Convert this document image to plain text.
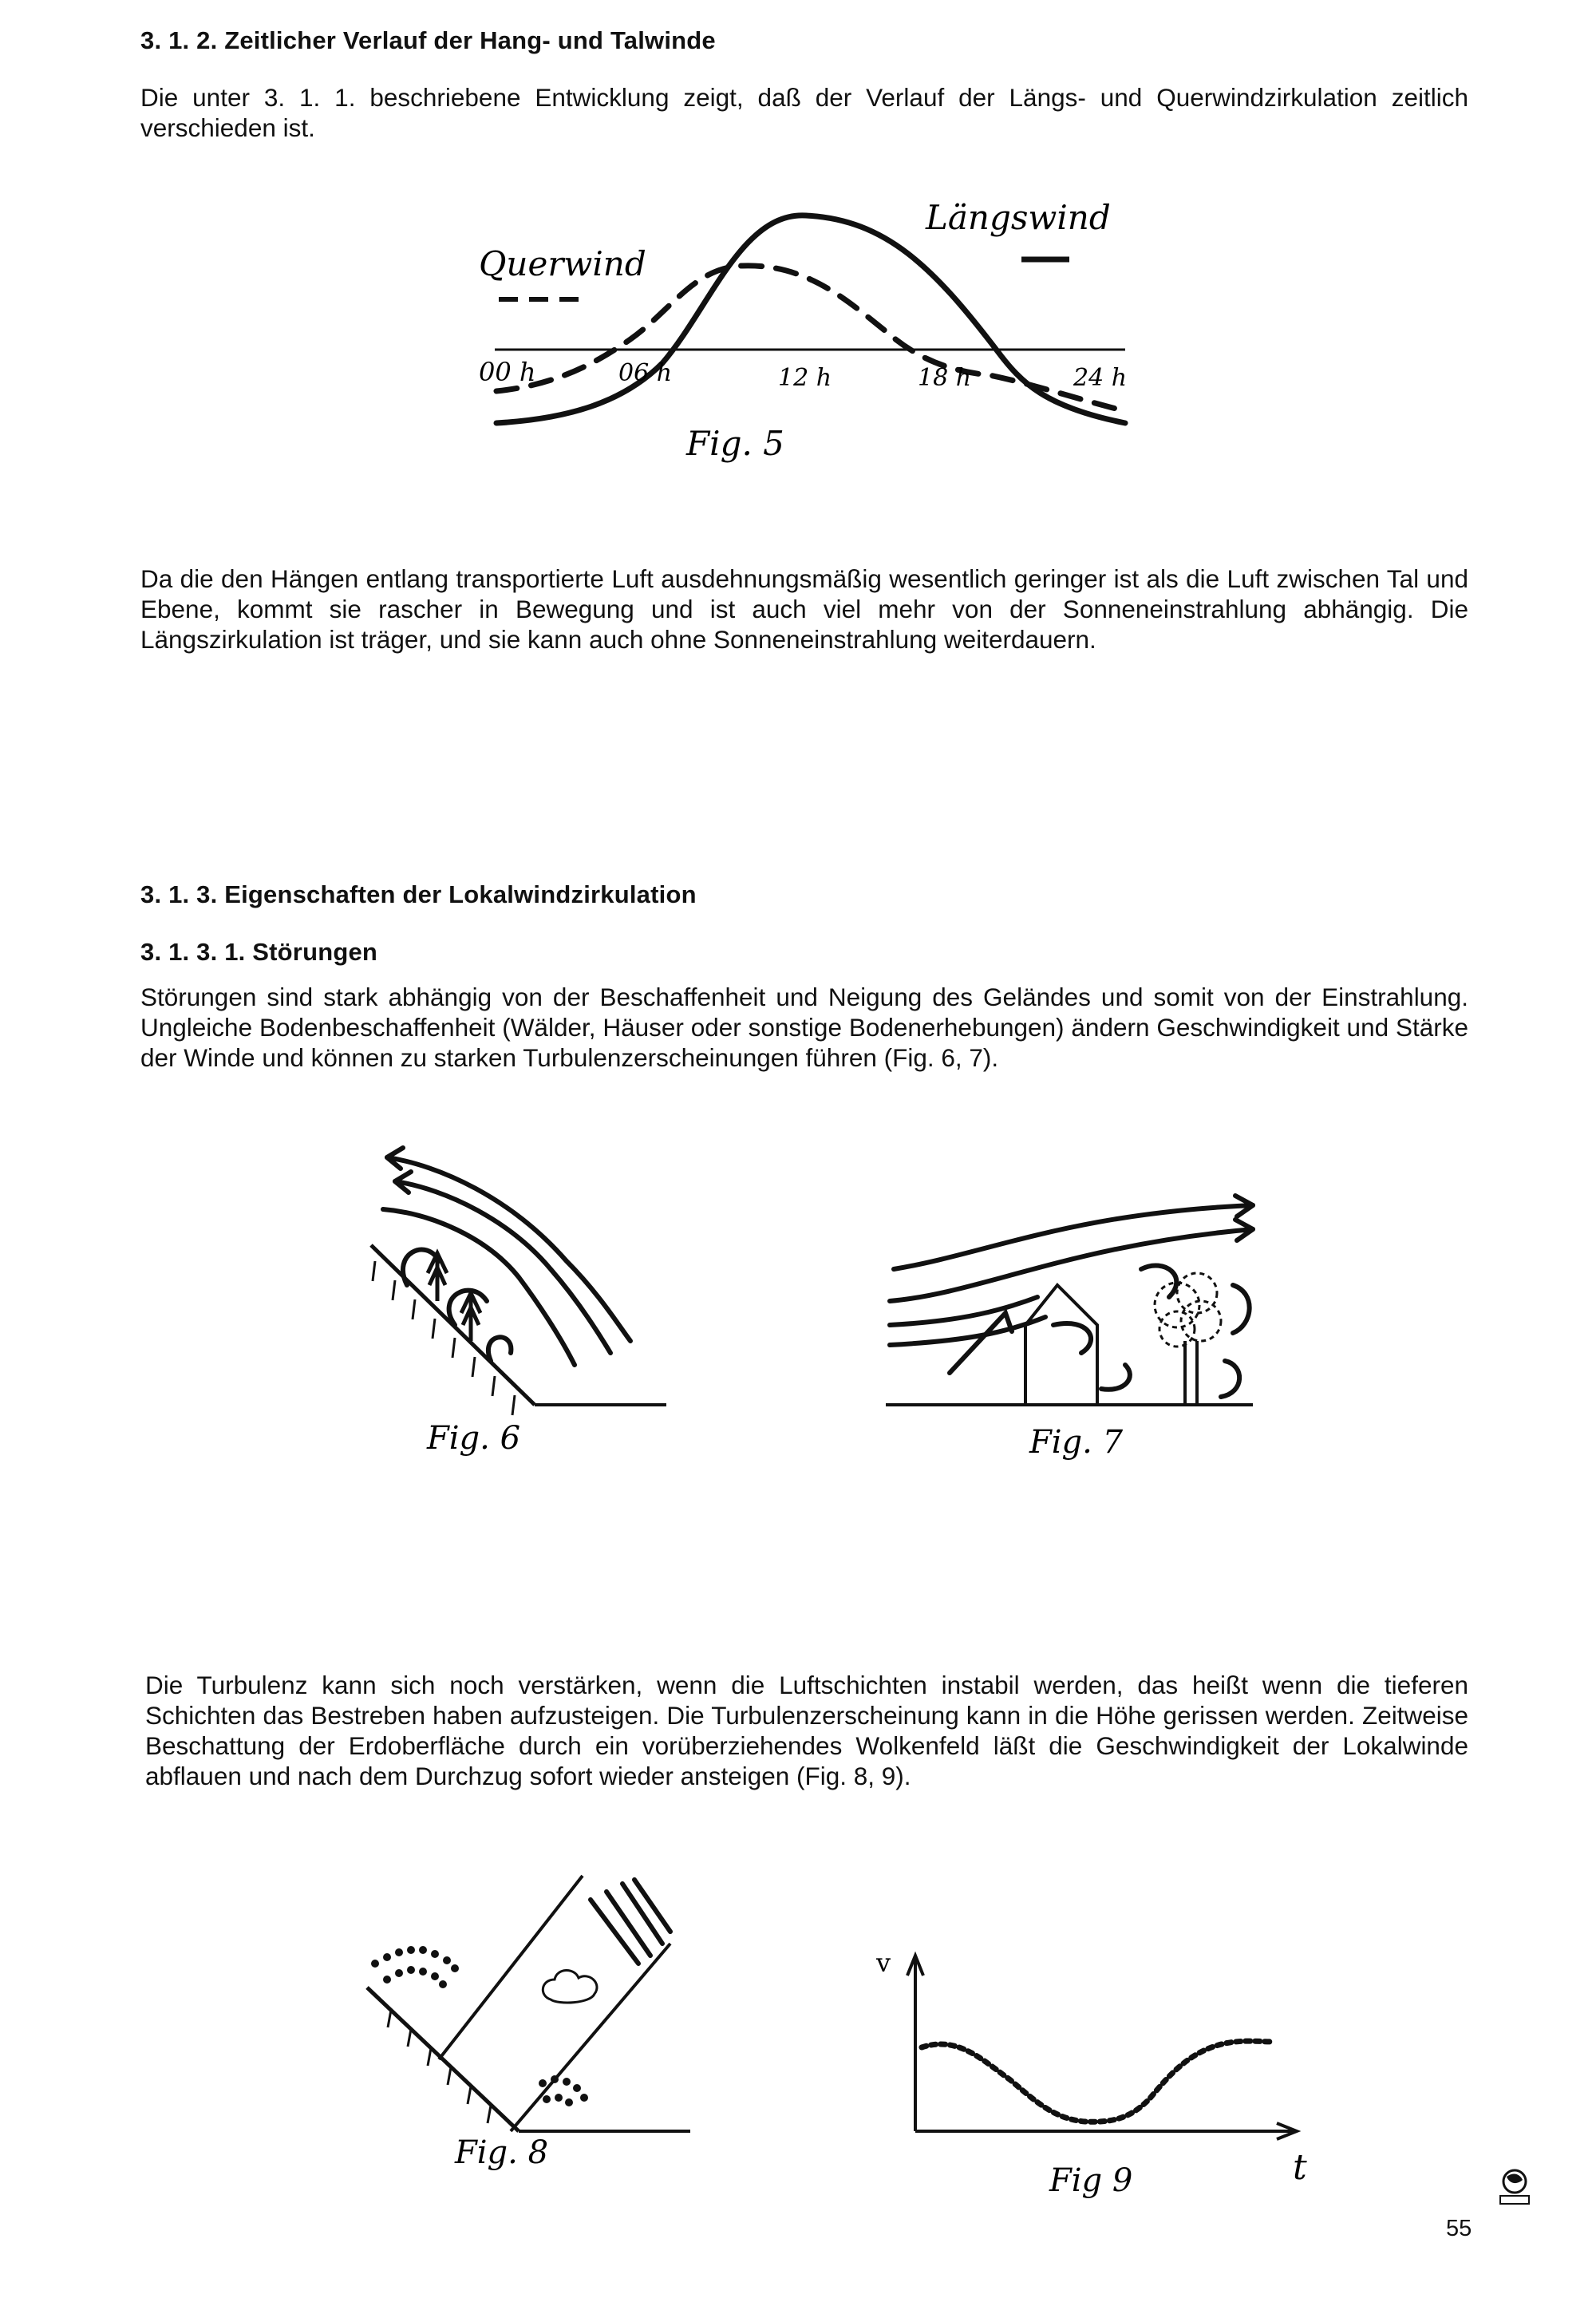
3. 1. 2. Zeitlicher Verlauf der Hang- und Talwinde

Die unter 3. 1. 1. beschriebene Entwicklung zeigt, daß der Verlauf der Längs- und Querwindzirkulation zeitlich verschieden ist.

Querwind
Längswind
00 h	06 h	12 h	18 h	24 h
Fig. 5

Da die den Hängen entlang transportierte Luft ausdehnungsmäßig wesentlich geringer ist als die Luft zwischen Tal und Ebene, kommt sie rascher in Bewegung und ist auch viel mehr von der Sonneneinstrahlung abhängig. Die Längszirkulation ist träger, und sie kann auch ohne Sonneneinstrahlung weiterdauern.

3. 1. 3. Eigenschaften der Lokalwindzirkulation
3. 1. 3. 1. Störungen

Störungen sind stark abhängig von der Beschaffenheit und Neigung des Geländes und somit von der Einstrahlung. Ungleiche Bodenbeschaffenheit (Wälder, Häuser oder sonstige Bodenerhebungen) ändern Geschwindigkeit und Stärke der Winde und können zu starken Turbulenzerscheinungen führen (Fig. 6, 7).

Fig. 6	Fig. 7

Die Turbulenz kann sich noch verstärken, wenn die Luftschichten instabil werden, das heißt wenn die tieferen Schichten das Bestreben haben aufzusteigen. Die Turbulenzerscheinung kann in die Höhe gerissen werden. Zeitweise Beschattung der Erdoberfläche durch ein vorüberziehendes Wolkenfeld läßt die Geschwindigkeit der Lokalwinde abflauen und nach dem Durchzug sofort wieder ansteigen (Fig. 8, 9).

Fig. 8
v
t
Fig 9
55
